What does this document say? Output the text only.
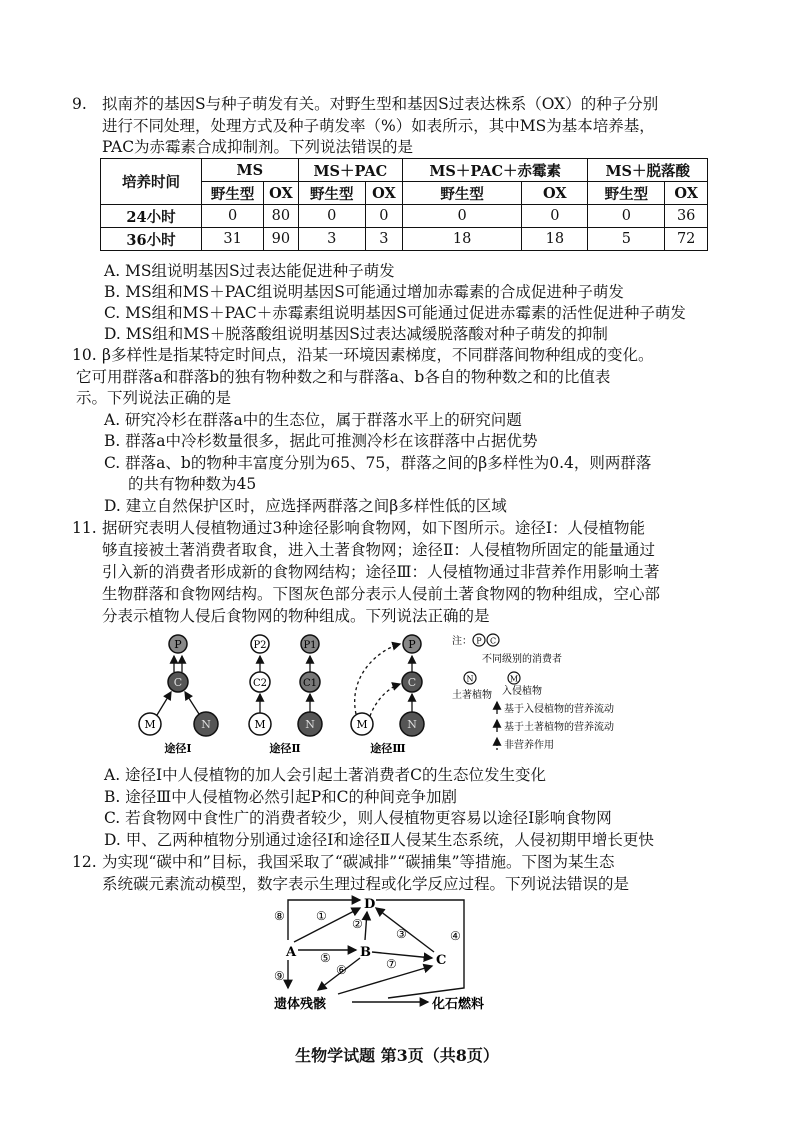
9. 拟南芥的基因S与种子萌发有关。对野生型和基因S过表达株系（OX）的种子分别
进行不同处理，处理方式及种子萌发率（%）如表所示，其中MS为基本培养基，
PAC为赤霉素合成抑制剂。下列说法错误的是
培养时间	MS		MS＋PAC		MS＋PAC＋赤霉素		MS＋脱落酸	
	野生型	OX	野生型	OX	野生型	OX	野生型	OX
24小时	0	80	0	0	0	0	0	36
36小时	31	90	3	3	18	18	5	72
A. MS组说明基因S过表达能促进种子萌发
B. MS组和MS＋PAC组说明基因S可能通过增加赤霉素的合成促进种子萌发
C. MS组和MS＋PAC＋赤霉素组说明基因S可能通过促进赤霉素的活性促进种子萌发
D. MS组和MS＋脱落酸组说明基因S过表达减缓脱落酸对种子萌发的抑制
10. β多样性是指某特定时间点，沿某一环境因素梯度，不同群落间物种组成的变化。
它可用群落a和群落b的独有物种数之和与群落a、b各自的物种数之和的比值表
示。下列说法正确的是
A. 研究冷杉在群落a中的生态位，属于群落水平上的研究问题
B. 群落a中冷杉数量很多，据此可推测冷杉在该群落中占据优势
C. 群落a、b的物种丰富度分别为65、75，群落之间的β多样性为0.4，则两群落
的共有物种数为45
D. 建立自然保护区时，应选择两群落之间β多样性低的区域
11. 据研究表明人侵植物通过3种途径影响食物网，如下图所示。途径Ⅰ：人侵植物能
够直接被土著消费者取食，进入土著食物网；途径Ⅱ：人侵植物所固定的能量通过
引入新的消费者形成新的食物网结构；途径Ⅲ：人侵植物通过非营养作用影响土著
生物群落和食物网结构。下图灰色部分表示人侵前土著食物网的物种组成，空心部
分表示植物人侵后食物网的物种组成。下列说法正确的是
P
C
M	N
途径Ⅰ
P2	P1
C2	C1
M	N
途径Ⅱ
P
C
M	N
途径Ⅲ
注： P C
不同级别的消费者
N	M
土著植物 入侵植物
基于入侵植物的营养流动
基于土著植物的营养流动
非营养作用
A. 途径Ⅰ中人侵植物的加人会引起土著消费者C的生态位发生变化
B. 途径Ⅲ中人侵植物必然引起P和C的种间竞争加剧
C. 若食物网中食性广的消费者较少，则人侵植物更容易以途径Ⅰ影响食物网
D. 甲、乙两种植物分别通过途径Ⅰ和途径Ⅱ人侵某生态系统，人侵初期甲增长更快
12. 为实现“碳中和”目标，我国采取了“碳减排”“碳捕集”等措施。下图为某生态
系统碳元素流动模型，数字表示生理过程或化学反应过程。下列说法错误的是
D
A	B
C
遗体残骸	化石燃料
⑧	①
②
③	④
⑤
⑥	⑦
⑨
生物学试题 第3页（共8页）
